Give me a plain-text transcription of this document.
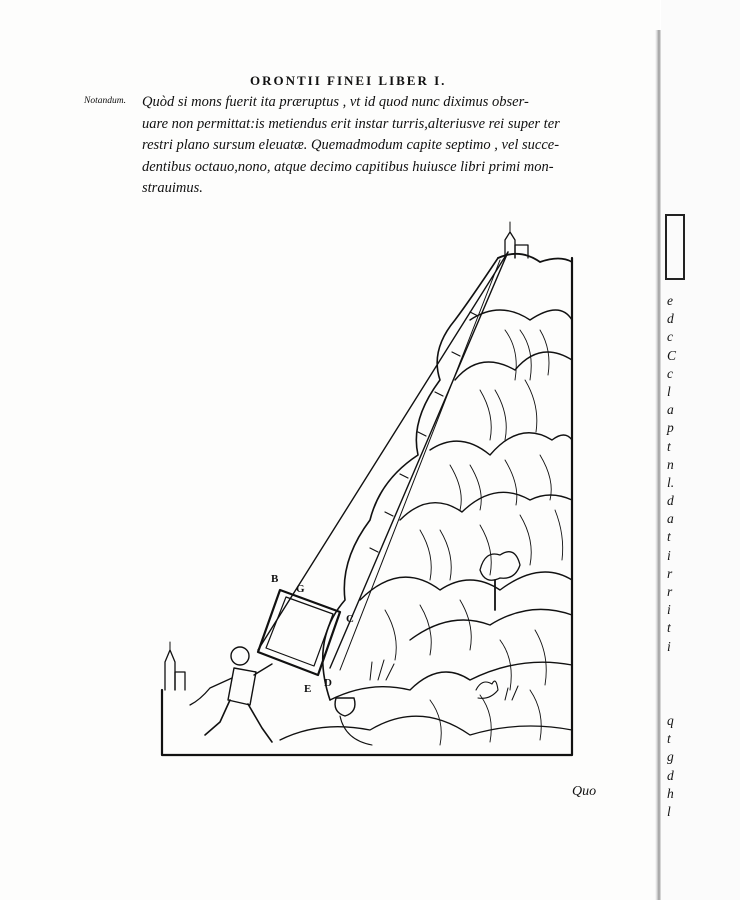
ORONTII FINEI LIBER I.
Notandum. Quòd si mons fuerit ita præruptus , vt id quod nunc diximus obser-
uare non permittat:is metiendus erit instar turris,alteriusve rei super ter
restri plano sursum eleuatæ. Quemadmodum capite septimo , vel succe-
dentibus octauo,nono, atque decimo capitibus huiusce libri primi mon-
strauimus.
B
G
C
E D
Quo
e
d
c
C
c
l
a
p
t
n
l.
d
a
t
i
r
r
i
t
i
q
t
g
d
h
l
